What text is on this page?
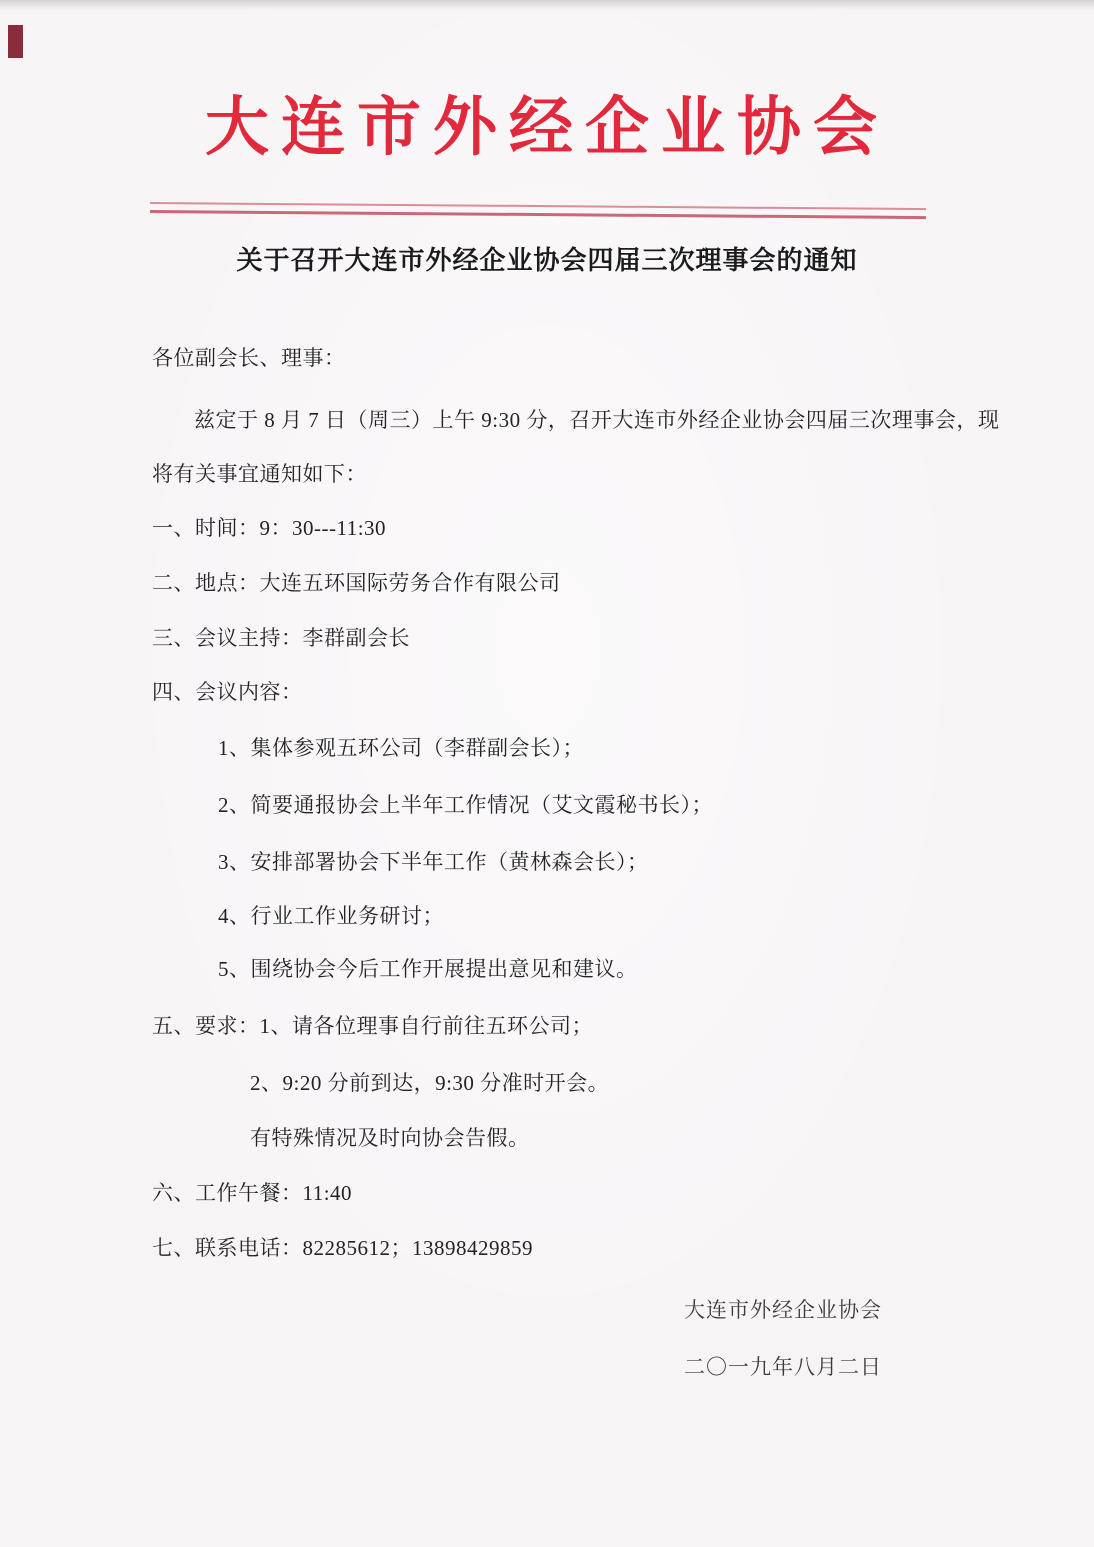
大连市外经企业协会
关于召开大连市外经企业协会四届三次理事会的通知
各位副会长、理事：
兹定于 8 月 7 日（周三）上午 9:30 分，召开大连市外经企业协会四届三次理事会，现
将有关事宜通知如下：
一、时间：9：30---11:30
二、地点：大连五环国际劳务合作有限公司
三、会议主持：李群副会长
四、会议内容：
1、集体参观五环公司（李群副会长）；
2、简要通报协会上半年工作情况（艾文霞秘书长）；
3、安排部署协会下半年工作（黄林森会长）；
4、行业工作业务研讨；
5、围绕协会今后工作开展提出意见和建议。
五、要求：1、请各位理事自行前往五环公司；
2、9:20 分前到达，9:30 分准时开会。
有特殊情况及时向协会告假。
六、工作午餐：11:40
七、联系电话：82285612；13898429859
大连市外经企业协会
二〇一九年八月二日
